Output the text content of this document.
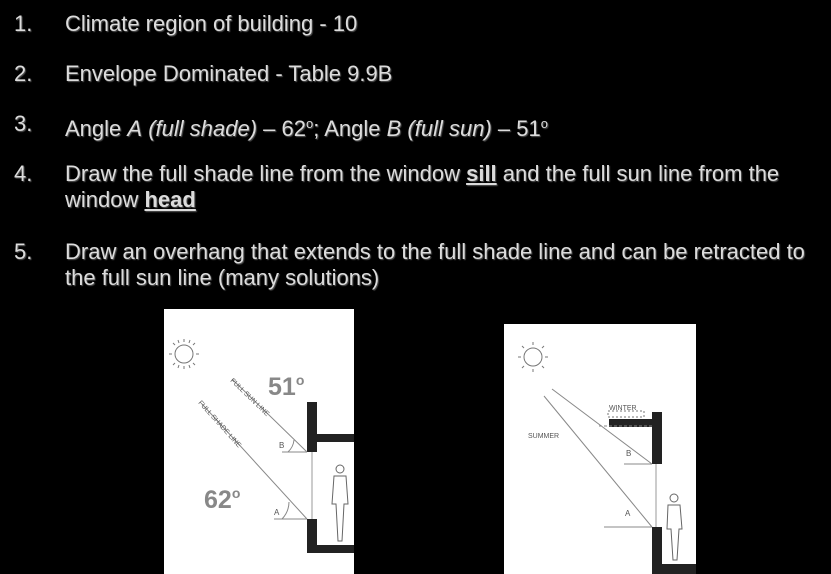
1.	Climate region of building - 10
2.	Envelope Dominated - Table 9.9B
3.	Angle A (full shade) – 62$^o$; Angle B (full sun) – 51$^o$
4.	Draw the full shade line from the window sill and the full sun line from the window head
5.	Draw an overhang that extends to the full shade line and can be retracted to the full sun line (many solutions)
51$^o$
62$^o$
FULL SUN LINE
FULL SHADE LINE	B
A
WINTER
SUMMER
B
A
